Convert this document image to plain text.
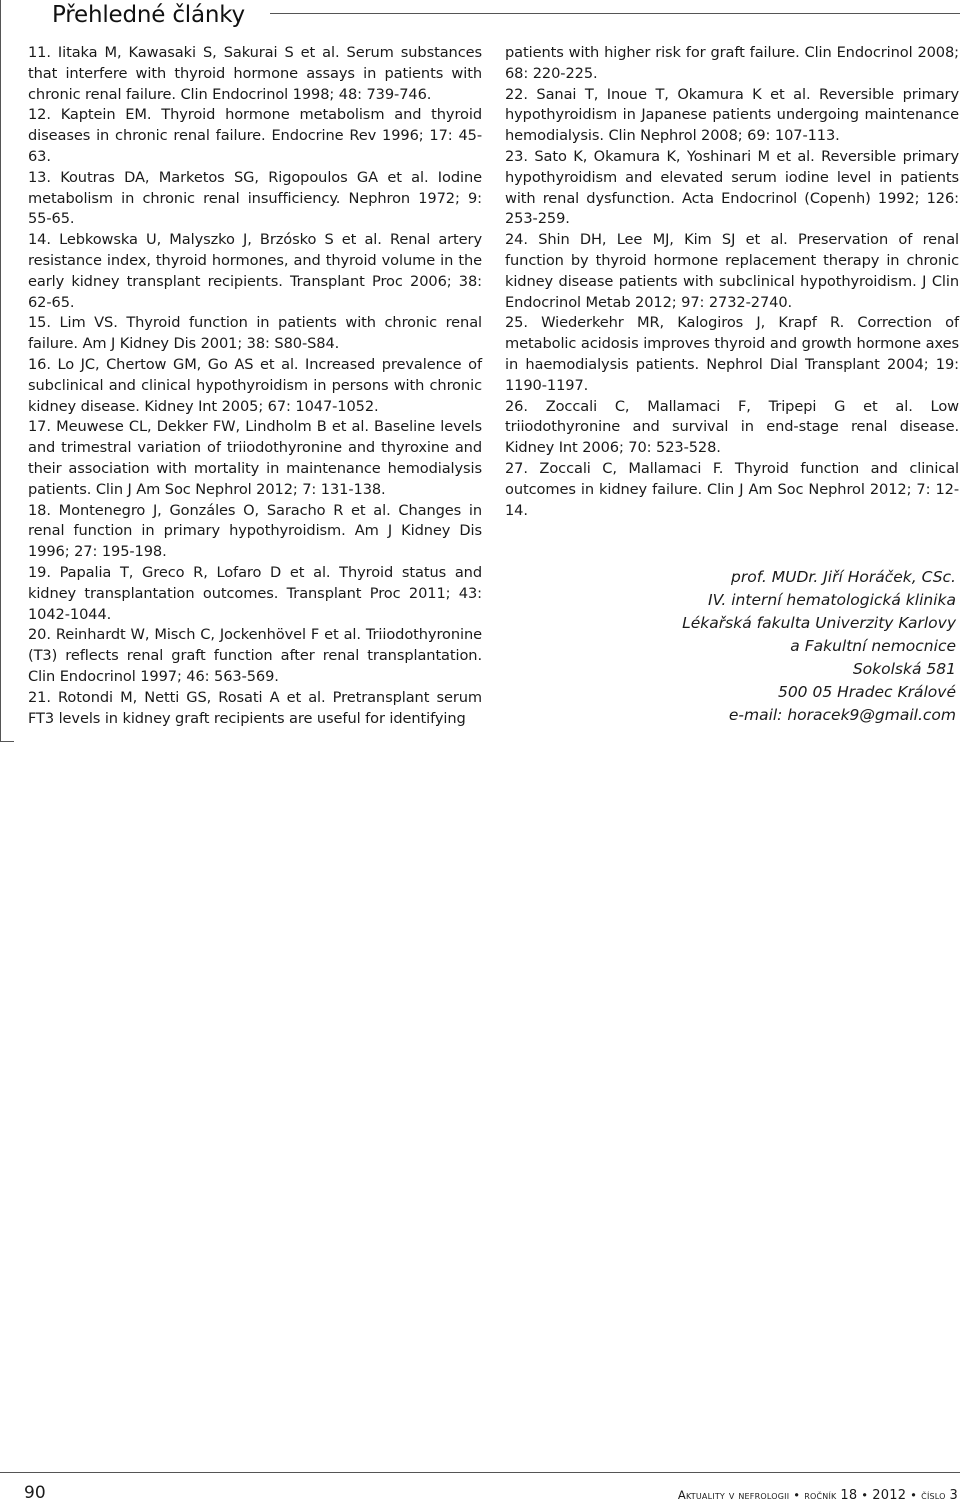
Přehledné články

11. Iitaka M, Kawasaki S, Sakurai S et al. Serum substances that interfere with thyroid hormone assays in patients with chronic renal failure. Clin Endocrinol 1998; 48: 739-746.

12. Kaptein EM. Thyroid hormone metabolism and thyroid diseases in chronic renal failure. Endocrine Rev 1996; 17: 45-63.

13. Koutras DA, Marketos SG, Rigopoulos GA et al. Iodine metabolism in chronic renal insufficiency. Nephron 1972; 9: 55-65.

14. Lebkowska U, Malyszko J, Brzósko S et al. Renal artery resistance index, thyroid hormones, and thyroid volume in the early kidney transplant recipients. Transplant Proc 2006; 38: 62-65.

15. Lim VS. Thyroid function in patients with chronic renal failure. Am J Kidney Dis 2001; 38: S80-S84.

16. Lo JC, Chertow GM, Go AS et al. Increased prevalence of subclinical and clinical hypothyroidism in persons with chronic kidney disease. Kidney Int 2005; 67: 1047-1052.

17. Meuwese CL, Dekker FW, Lindholm B et al. Baseline levels and trimestral variation of triiodothyronine and thyroxine and their association with mortality in maintenance hemodialysis patients. Clin J Am Soc Nephrol 2012; 7: 131-138.

18. Montenegro J, Gonzáles O, Saracho R et al. Changes in renal function in primary hypothyroidism. Am J Kidney Dis 1996; 27: 195-198.

19. Papalia T, Greco R, Lofaro D et al. Thyroid status and kidney transplantation outcomes. Transplant Proc 2011; 43: 1042-1044.

20. Reinhardt W, Misch C, Jockenhövel F et al. Triiodothyronine (T3) reflects renal graft function after renal transplantation. Clin Endocrinol 1997; 46: 563-569.

21. Rotondi M, Netti GS, Rosati A et al. Pretransplant serum FT3 levels in kidney graft recipients are useful for identifying

patients with higher risk for graft failure. Clin Endocrinol 2008; 68: 220-225.

22. Sanai T, Inoue T, Okamura K et al. Reversible primary hypothyroidism in Japanese patients undergoing maintenance hemodialysis. Clin Nephrol 2008; 69: 107-113.

23. Sato K, Okamura K, Yoshinari M et al. Reversible primary hypothyroidism and elevated serum iodine level in patients with renal dysfunction. Acta Endocrinol (Copenh) 1992; 126: 253-259.

24. Shin DH, Lee MJ, Kim SJ et al. Preservation of renal function by thyroid hormone replacement therapy in chronic kidney disease patients with subclinical hypothyroidism. J Clin Endocrinol Metab 2012; 97: 2732-2740.

25. Wiederkehr MR, Kalogiros J, Krapf R. Correction of metabolic acidosis improves thyroid and growth hormone axes in haemodialysis patients. Nephrol Dial Transplant 2004; 19: 1190-1197.

26. Zoccali C, Mallamaci F, Tripepi G et al. Low triiodothyronine and survival in end-stage renal disease. Kidney Int 2006; 70: 523-528.

27. Zoccali C, Mallamaci F. Thyroid function and clinical outcomes in kidney failure. Clin J Am Soc Nephrol 2012; 7: 12-14.

prof. MUDr. Jiří Horáček, CSc.
IV. interní hematologická klinika
Lékařská fakulta Univerzity Karlovy
a Fakultní nemocnice
Sokolská 581
500 05 Hradec Králové
e-mail: horacek9@gmail.com
90	Aktuality v nefrologii • ročník 18 • 2012 • číslo 3
